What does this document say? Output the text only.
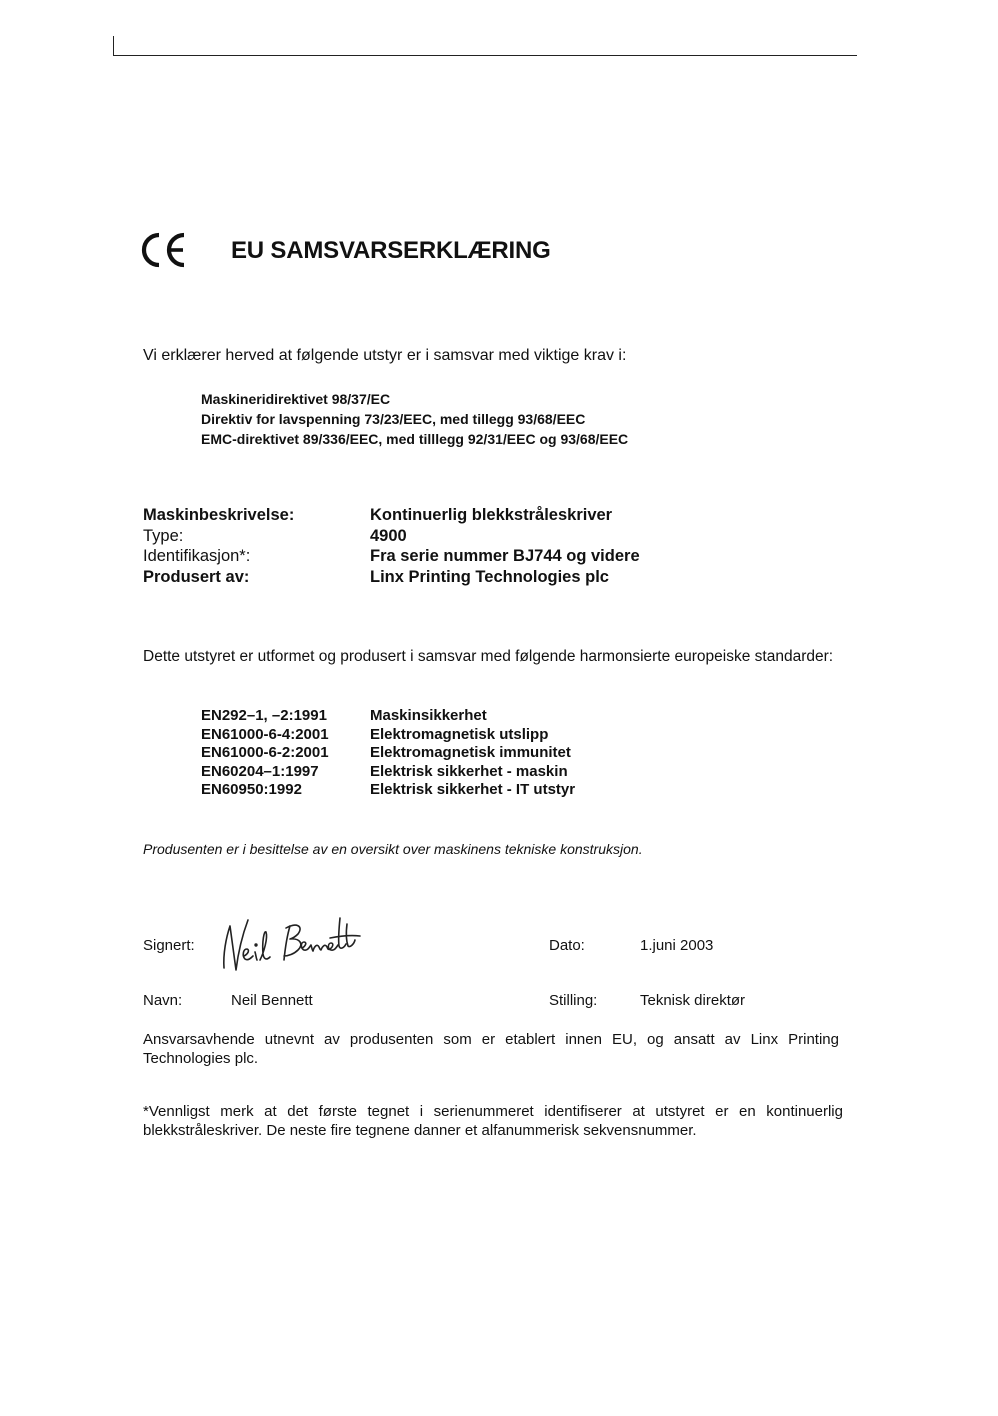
EU SAMSVARSERKLÆRING
Vi erklærer herved at følgende utstyr er i samsvar med viktige krav i:
Maskineridirektivet 98/37/EC
Direktiv for lavspenning 73/23/EEC, med tillegg 93/68/EEC
EMC-direktivet 89/336/EEC, med tilllegg 92/31/EEC og 93/68/EEC
Maskinbeskrivelse:	Kontinuerlig blekkstråleskriver
Type:	4900
Identifikasjon*:	Fra serie nummer BJ744 og videre
Produsert av:	Linx Printing Technologies plc
Dette utstyret er utformet og produsert i samsvar med følgende harmonsierte europeiske standarder:
EN292–1, –2:1991	Maskinsikkerhet
EN61000-6-4:2001	Elektromagnetisk utslipp
EN61000-6-2:2001	Elektromagnetisk immunitet
EN60204–1:1997	Elektrisk sikkerhet - maskin
EN60950:1992	Elektrisk sikkerhet - IT utstyr
Produsenten er i besittelse av en oversikt over maskinens tekniske konstruksjon.
Signert:	Dato:	1.juni 2003
Navn:	Neil Bennett	Stilling:	Teknisk direktør
Ansvarsavhende utnevnt av produsenten som er etablert innen EU, og ansatt av Linx Printing Technologies plc.
*Vennligst merk at det første tegnet i serienummeret identifiserer at utstyret er en kontinuerlig blekkstråleskriver. De neste fire tegnene danner et alfanummerisk sekvensnummer.
